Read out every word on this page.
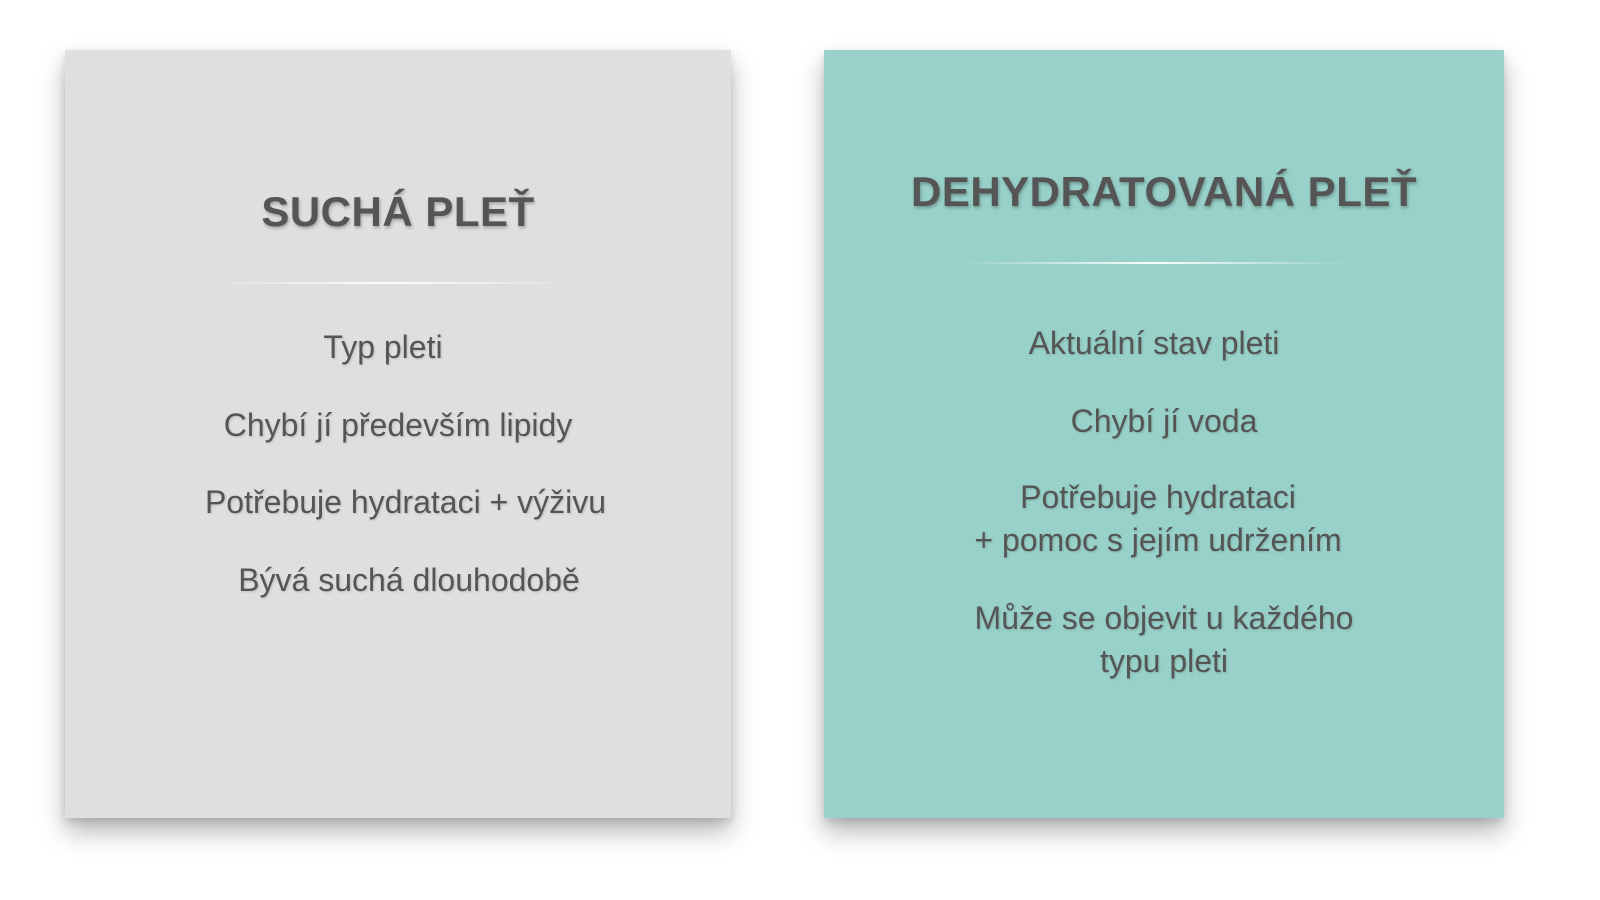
SUCHÁ PLEŤ

Typ pleti

Chybí jí především lipidy

Potřebuje hydrataci + výživu

Bývá suchá dlouhodobě

DEHYDRATOVANÁ PLEŤ

Aktuální stav pleti

Chybí jí voda

Potřebuje hydrataci
+ pomoc s jejím udržením

Může se objevit u každého
typu pleti
